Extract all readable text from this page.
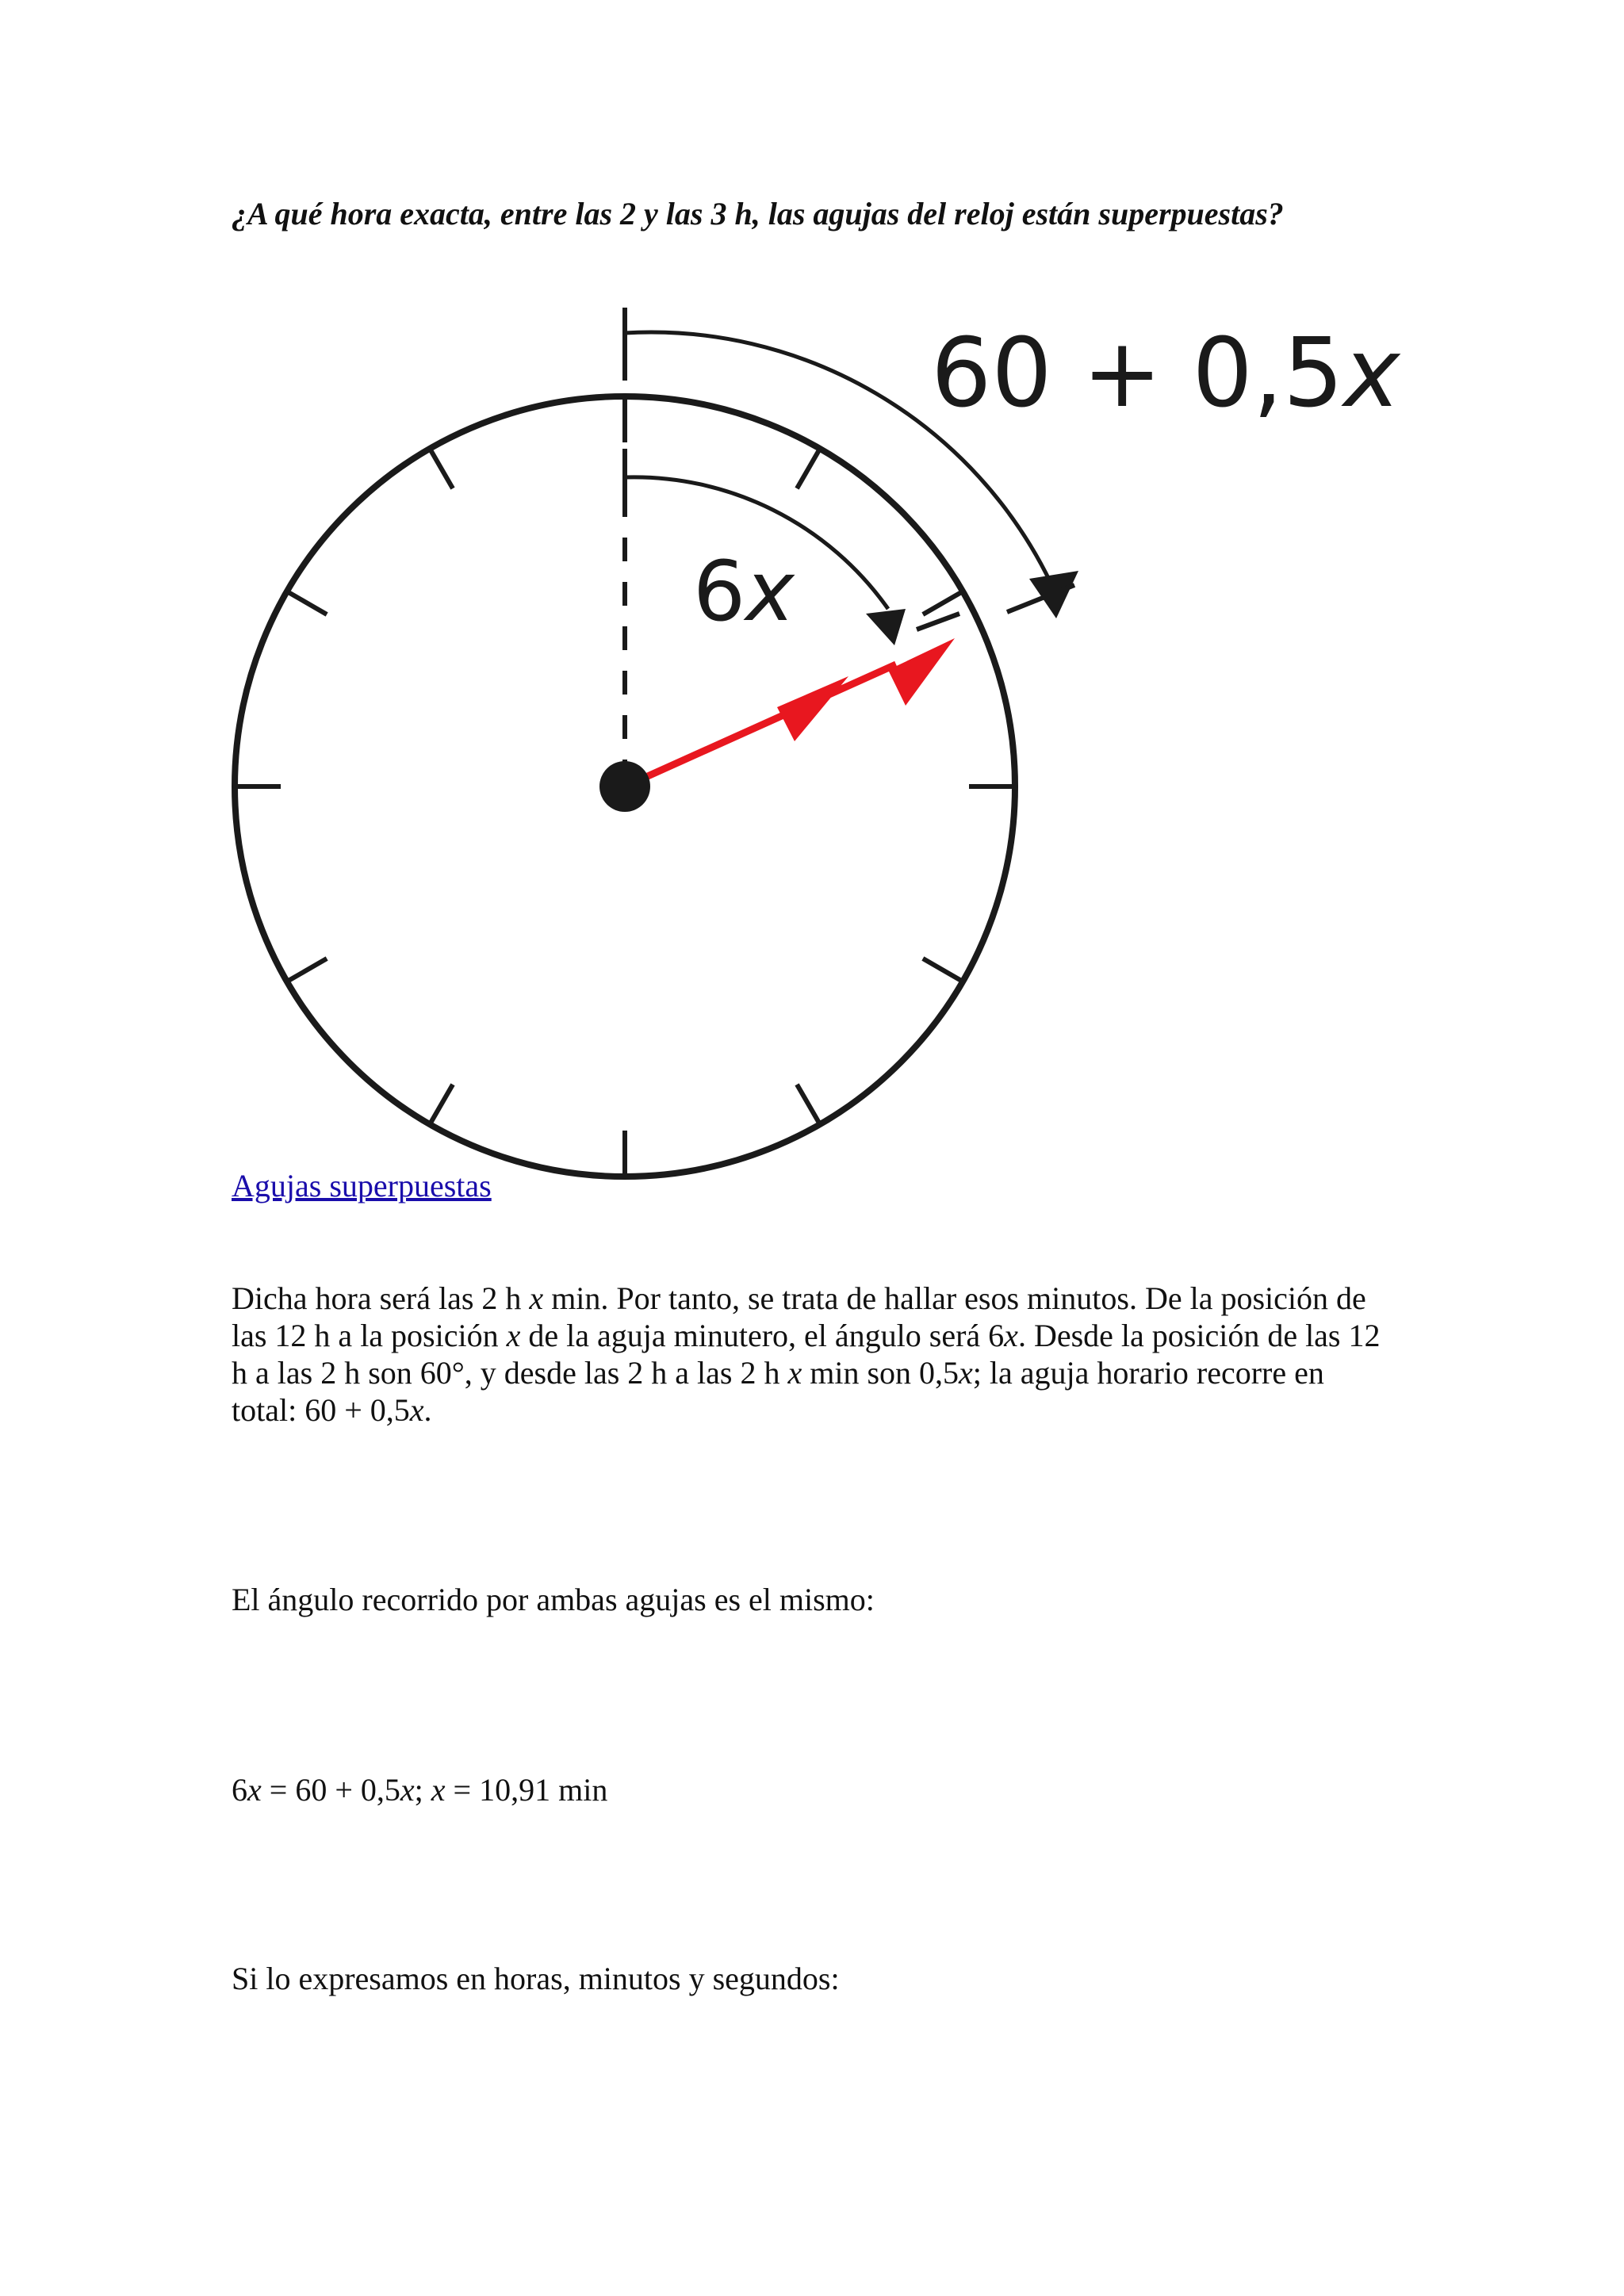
¿A qué hora exacta, entre las 2 y las 3 h, las agujas del reloj están superpuestas?
60 + 0,5x
6x
Agujas superpuestas

Dicha hora será las 2 h x min. Por tanto, se trata de hallar esos minutos. De la posición de las 12 h a la posición x de la aguja minutero, el ángulo será 6x. Desde la posición de las 12 h a las 2 h son 60°, y desde las 2 h a las 2 h x min son 0,5x; la aguja horario recorre en total: 60 + 0,5x.

El ángulo recorrido por ambas agujas es el mismo:

6x = 60 + 0,5x; x = 10,91 min

Si lo expresamos en horas, minutos y segundos:
